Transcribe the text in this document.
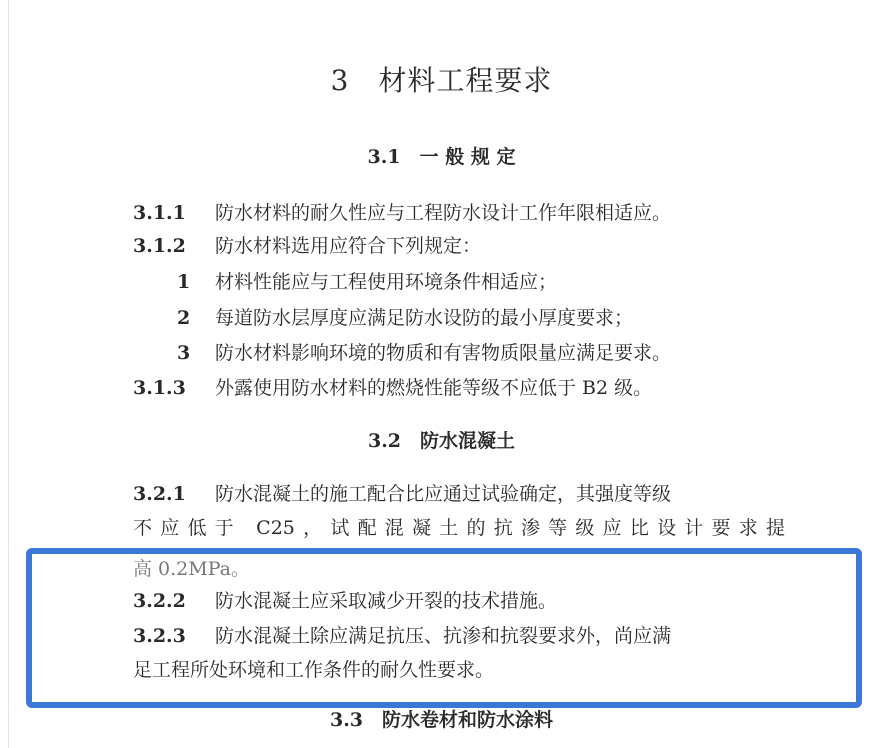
3　材料工程要求
3.1　一 般 规 定
3.1.1 防水材料的耐久性应与工程防水设计工作年限相适应。
3.1.2 防水材料选用应符合下列规定：
1 材料性能应与工程使用环境条件相适应；
2 每道防水层厚度应满足防水设防的最小厚度要求；
3 防水材料影响环境的物质和有害物质限量应满足要求。
3.1.3 外露使用防水材料的燃烧性能等级不应低于 B2 级。
3.2　防水混凝土
3.2.1 防水混凝土的施工配合比应通过试验确定，其强度等级
不应低于 C25，试配混凝土的抗渗等级应比设计要求提
高 0.2MPa。
3.2.2 防水混凝土应采取减少开裂的技术措施。
3.2.3 防水混凝土除应满足抗压、抗渗和抗裂要求外，尚应满
足工程所处环境和工作条件的耐久性要求。
3.3　防水卷材和防水涂料
